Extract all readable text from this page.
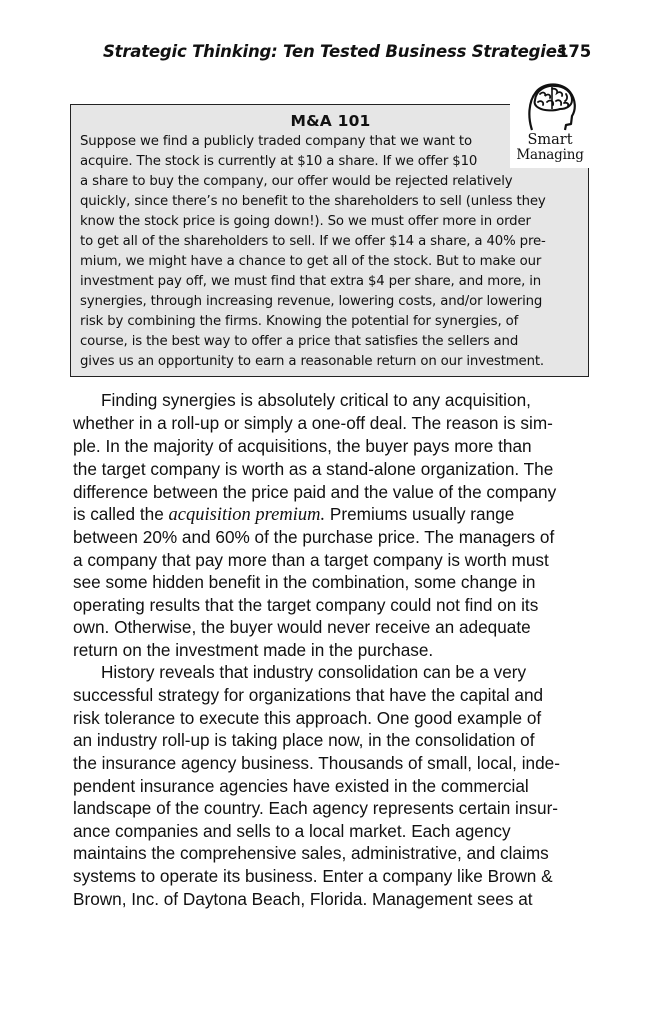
Strategic Thinking: Ten Tested Business Strategies
175
M&A 101
Suppose we find a publicly traded company that we want to
acquire. The stock is currently at $10 a share. If we offer $10
a share to buy the company, our offer would be rejected relatively
quickly, since there’s no benefit to the shareholders to sell (unless they
know the stock price is going down!). So we must offer more in order
to get all of the shareholders to sell. If we offer $14 a share, a 40% pre-
mium, we might have a chance to get all of the stock. But to make our
investment pay off, we must find that extra $4 per share, and more, in
synergies, through increasing revenue, lowering costs, and/or lowering
risk by combining the firms. Knowing the potential for synergies, of
course, is the best way to offer a price that satisfies the sellers and
gives us an opportunity to earn a reasonable return on our investment.
Smart
Managing
Finding synergies is absolutely critical to any acquisition,
whether in a roll-up or simply a one-off deal. The reason is sim-
ple. In the majority of acquisitions, the buyer pays more than
the target company is worth as a stand-alone organization. The
difference between the price paid and the value of the company
is called the acquisition premium. Premiums usually range
between 20% and 60% of the purchase price. The managers of
a company that pay more than a target company is worth must
see some hidden benefit in the combination, some change in
operating results that the target company could not find on its
own. Otherwise, the buyer would never receive an adequate
return on the investment made in the purchase.
History reveals that industry consolidation can be a very
successful strategy for organizations that have the capital and
risk tolerance to execute this approach. One good example of
an industry roll-up is taking place now, in the consolidation of
the insurance agency business. Thousands of small, local, inde-
pendent insurance agencies have existed in the commercial
landscape of the country. Each agency represents certain insur-
ance companies and sells to a local market. Each agency
maintains the comprehensive sales, administrative, and claims
systems to operate its business. Enter a company like Brown &
Brown, Inc. of Daytona Beach, Florida. Management sees at
